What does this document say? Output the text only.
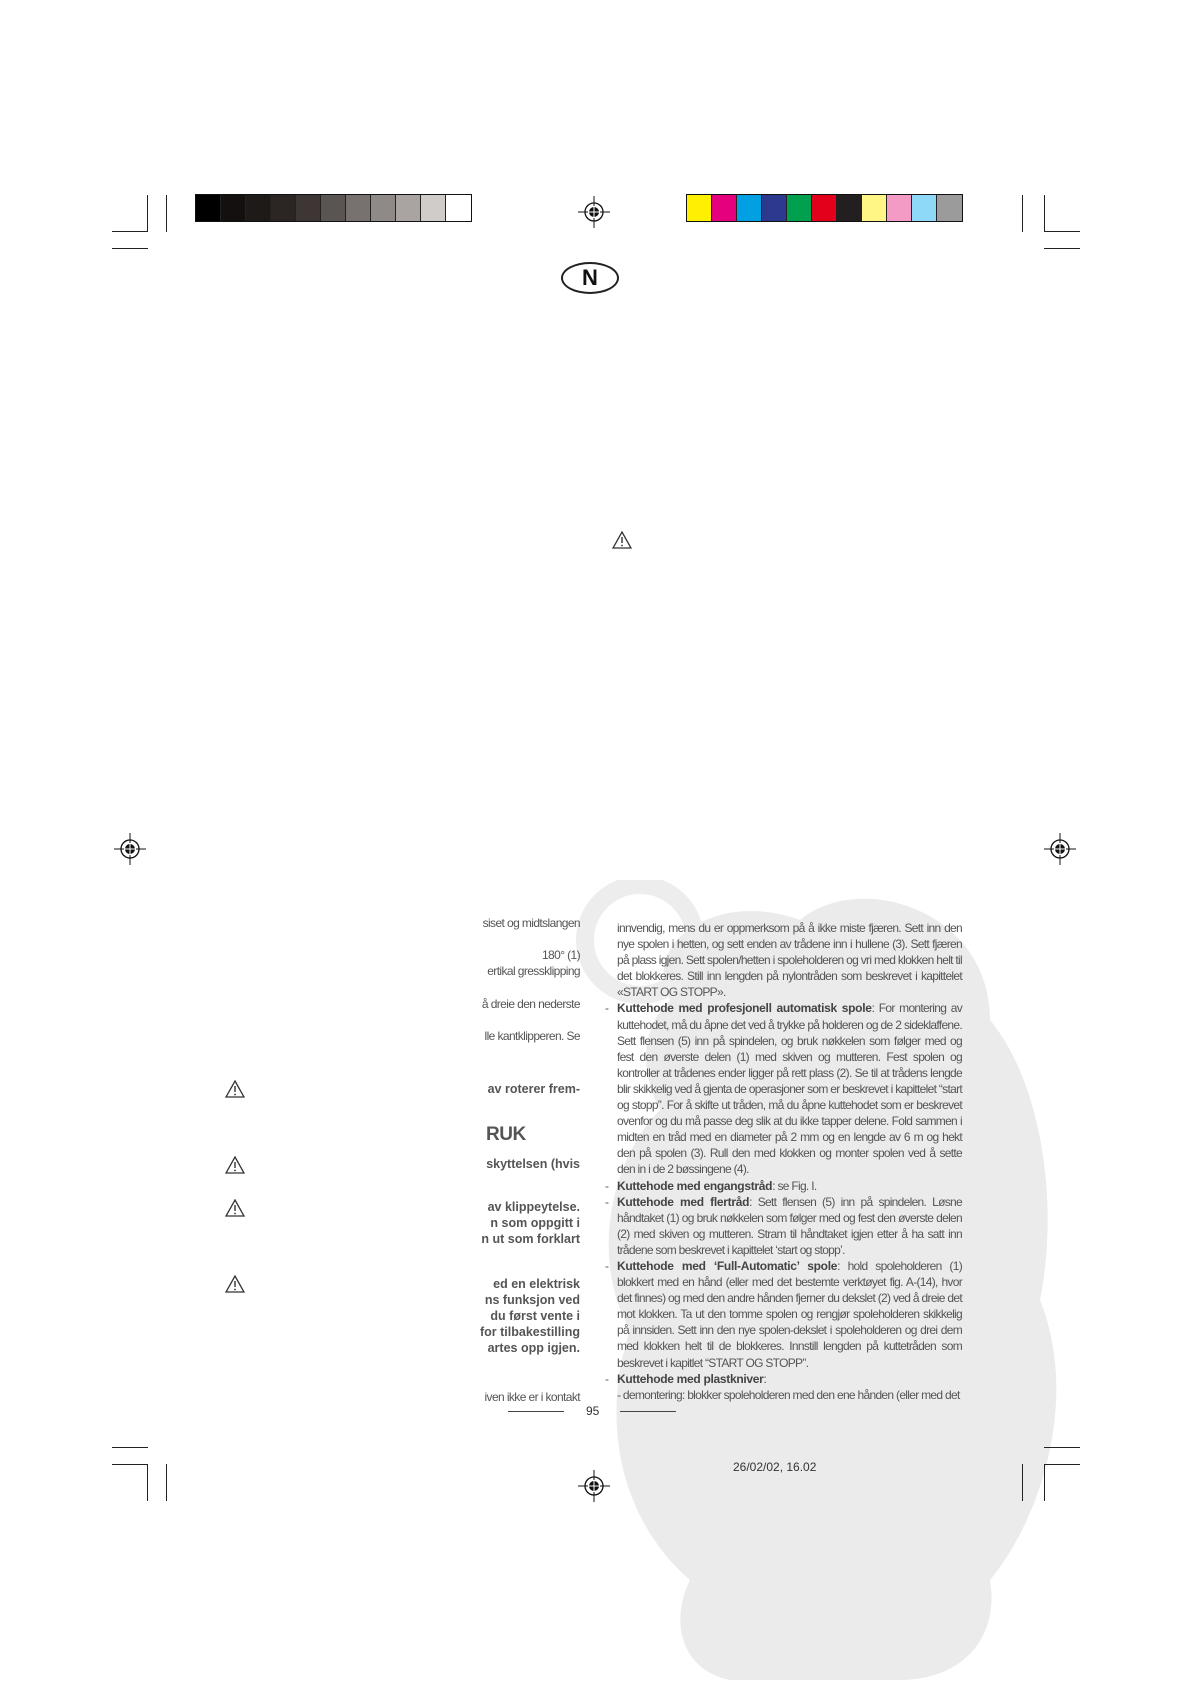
N
siset og midtslangen
180° (1)
ertikal gressklipping
å dreie den nederste
lle kantklipperen. Se
av roterer frem-
RUK
skyttelsen (hvis
av klippeytelse.
n som oppgitt i
n ut som forklart
ed en elektrisk
ns funksjon ved
du først vente i
for tilbakestilling
artes opp igjen.
iven ikke er i kontakt

innvendig, mens du er oppmerksom på å ikke miste fjæren. Sett inn den nye spolen i hetten, og sett enden av trådene inn i hullene (3). Sett fjæren på plass igjen. Sett spolen/hetten i spoleholderen og vri med klokken helt til det blokkeres. Still inn lengden på nylontråden som beskrevet i kapittelet «START OG STOPP».

- Kuttehode med profesjonell automatisk spole: For montering av kuttehodet, må du åpne det ved å trykke på holderen og de 2 sideklaffene. Sett flensen (5) inn på spindelen, og bruk nøkkelen som følger med og fest den øverste delen (1) med skiven og mutteren. Fest spolen og kontroller at trådenes ender ligger på rett plass (2). Se til at trådens lengde blir skikkelig ved å gjenta de operasjoner som er beskrevet i kapittelet “start og stopp”. For å skifte ut tråden, må du åpne kuttehodet som er beskrevet ovenfor og du må passe deg slik at du ikke tapper delene. Fold sammen i midten en tråd med en diameter på 2 mm og en lengde av 6 m og hekt den på spolen (3). Rull den med klokken og monter spolen ved å sette den in i de 2 bøssingene (4).

- Kuttehode med engangstråd: se Fig. I.

- Kuttehode med flertråd: Sett flensen (5) inn på spindelen. Løsne håndtaket (1) og bruk nøkkelen som følger med og fest den øverste delen (2) med skiven og mutteren. Stram til håndtaket igjen etter å ha satt inn trådene som beskrevet i kapittelet ‘start og stopp’.

- Kuttehode med ‘Full-Automatic’ spole: hold spoleholderen (1) blokkert med en hånd (eller med det bestemte verktøyet fig. A-(14), hvor det finnes) og med den andre hånden fjerner du dekslet (2) ved å dreie det mot klokken. Ta ut den tomme spolen og rengjør spoleholderen skikkelig på innsiden. Sett inn den nye spolen-dekslet i spoleholderen og drei dem med klokken helt til de blokkeres. Innstill lengden på kuttetråden som beskrevet i kapitlet “START OG STOPP”.

- Kuttehode med plastkniver:

- demontering: blokker spoleholderen med den ene hånden (eller med det

95
26/02/02, 16.02
